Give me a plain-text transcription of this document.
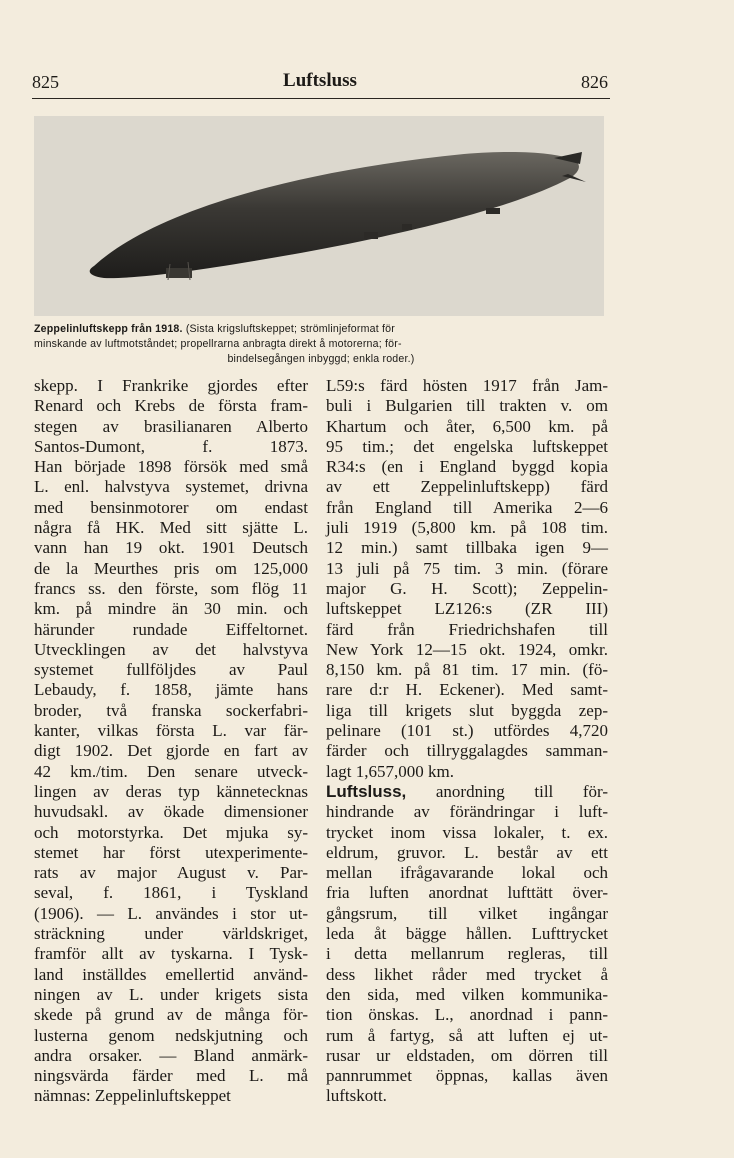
825	Luftsluss	826
Zeppelinluftskepp från 1918. (Sista krigsluftskeppet; strömlinjeformat för
minskande av luftmotståndet; propellrarna anbragta direkt å motorerna; för-
bindelsegången inbyggd; enkla roder.)
skepp. I Frankrike gjordes efter
Renard och Krebs de första fram-
stegen av brasilianaren Alberto
Santos-Dumont, f. 1873.
Han började 1898 försök med små
L. enl. halvstyva systemet, drivna
med bensinmotorer om endast
några få HK. Med sitt sjätte L.
vann han 19 okt. 1901 Deutsch
de la Meurthes pris om 125,000
francs ss. den förste, som flög 11
km. på mindre än 30 min. och
härunder rundade Eiffeltornet.
Utvecklingen av det halvstyva
systemet fullföljdes av Paul
Lebaudy, f. 1858, jämte hans
broder, två franska sockerfabri-
kanter, vilkas första L. var fär-
digt 1902. Det gjorde en fart av
42 km./tim. Den senare utveck-
lingen av deras typ kännetecknas
huvudsakl. av ökade dimensioner
och motorstyrka. Det mjuka sy-
stemet har först utexperimente-
rats av major August v. Par-
seval, f. 1861, i Tyskland
(1906). — L. användes i stor ut-
sträckning under världskriget,
framför allt av tyskarna. I Tysk-
land inställdes emellertid använd-
ningen av L. under krigets sista
skede på grund av de många för-
lusterna genom nedskjutning och
andra orsaker. — Bland anmärk-
ningsvärda färder med L. må
nämnas: Zeppelinluftskeppet
L59:s färd hösten 1917 från Jam-
buli i Bulgarien till trakten v. om
Khartum och åter, 6,500 km. på
95 tim.; det engelska luftskeppet
R34:s (en i England byggd kopia
av ett Zeppelinluftskepp) färd
från England till Amerika 2—6
juli 1919 (5,800 km. på 108 tim.
12 min.) samt tillbaka igen 9—
13 juli på 75 tim. 3 min. (förare
major G. H. Scott); Zeppelin-
luftskeppet LZ126:s (ZR III)
färd från Friedrichshafen till
New York 12—15 okt. 1924, omkr.
8,150 km. på 81 tim. 17 min. (fö-
rare d:r H. Eckener). Med samt-
liga till krigets slut byggda zep-
pelinare (101 st.) utfördes 4,720
färder och tillryggalagdes samman-
lagt 1,657,000 km.
Luftsluss, anordning till för-
hindrande av förändringar i luft-
trycket inom vissa lokaler, t. ex.
eldrum, gruvor. L. består av ett
mellan ifrågavarande lokal och
fria luften anordnat lufttätt över-
gångsrum, till vilket ingångar
leda åt bägge hållen. Lufttrycket
i detta mellanrum regleras, till
dess likhet råder med trycket å
den sida, med vilken kommunika-
tion önskas. L., anordnad i pann-
rum å fartyg, så att luften ej ut-
rusar ur eldstaden, om dörren till
pannrummet öppnas, kallas även
luftskott.
